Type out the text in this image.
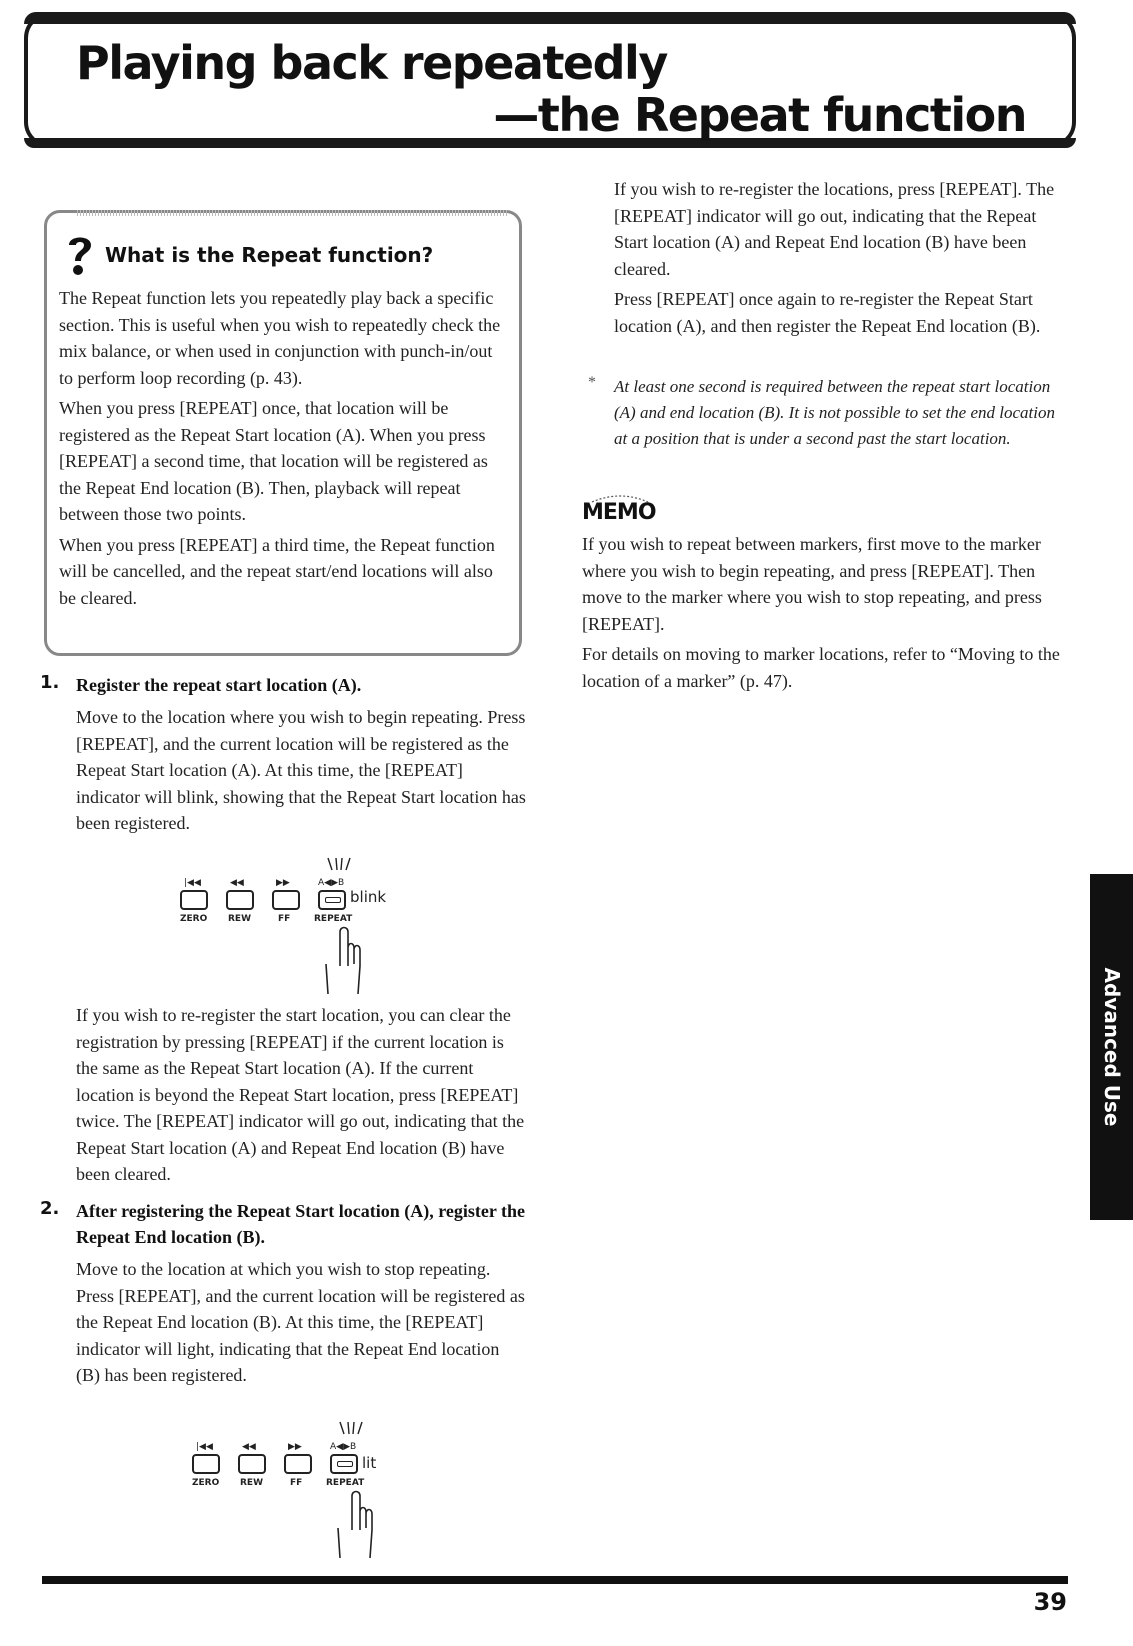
Playing back repeatedly
—the Repeat function
What is the Repeat function?

The Repeat function lets you repeatedly play back a specific section. This is useful when you wish to repeatedly check the mix balance, or when used in conjunction with punch-in/out to perform loop recording (p. 43).

When you press [REPEAT] once, that location will be registered as the Repeat Start location (A). When you press [REPEAT] a second time, that location will be registered as the Repeat End location (B). Then, playback will repeat between those two points.

When you press [REPEAT] a third time, the Repeat function will be cancelled, and the repeat start/end locations will also be cleared.

1. Register the repeat start location (A).

Move to the location where you wish to begin repeating. Press [REPEAT], and the current location will be registered as the Repeat Start location (A). At this time, the [REPEAT] indicator will blink, showing that the Repeat Start location has been registered.

|◀◀	◀◀	▶▶	A◀▶B
blink
ZERO REW	FF	REPEAT

If you wish to re-register the start location, you can clear the registration by pressing [REPEAT] if the current location is the same as the Repeat Start location (A). If the current location is beyond the Repeat Start location, press [REPEAT] twice. The [REPEAT] indicator will go out, indicating that the Repeat Start location (A) and Repeat End location (B) have been cleared.

2. After registering the Repeat Start location (A), register the Repeat End location (B).

Move to the location at which you wish to stop repeating. Press [REPEAT], and the current location will be registered as the Repeat End location (B). At this time, the [REPEAT] indicator will light, indicating that the Repeat End location (B) has been registered.

|◀◀	◀◀	▶▶	A◀▶B
lit
ZERO REW	FF	REPEAT

If you wish to re-register the locations, press [REPEAT]. The [REPEAT] indicator will go out, indicating that the Repeat Start location (A) and Repeat End location (B) have been cleared.

Press [REPEAT] once again to re-register the Repeat Start location (A), and then register the Repeat End location (B).

* At least one second is required between the repeat start location (A) and end location (B). It is not possible to set the end location at a position that is under a second past the start location.

MEMO

If you wish to repeat between markers, first move to the marker where you wish to begin repeating, and press [REPEAT]. Then move to the marker where you wish to stop repeating, and press [REPEAT].

For details on moving to marker locations, refer to “Moving to the location of a marker” (p. 47).

Advanced Use
39
